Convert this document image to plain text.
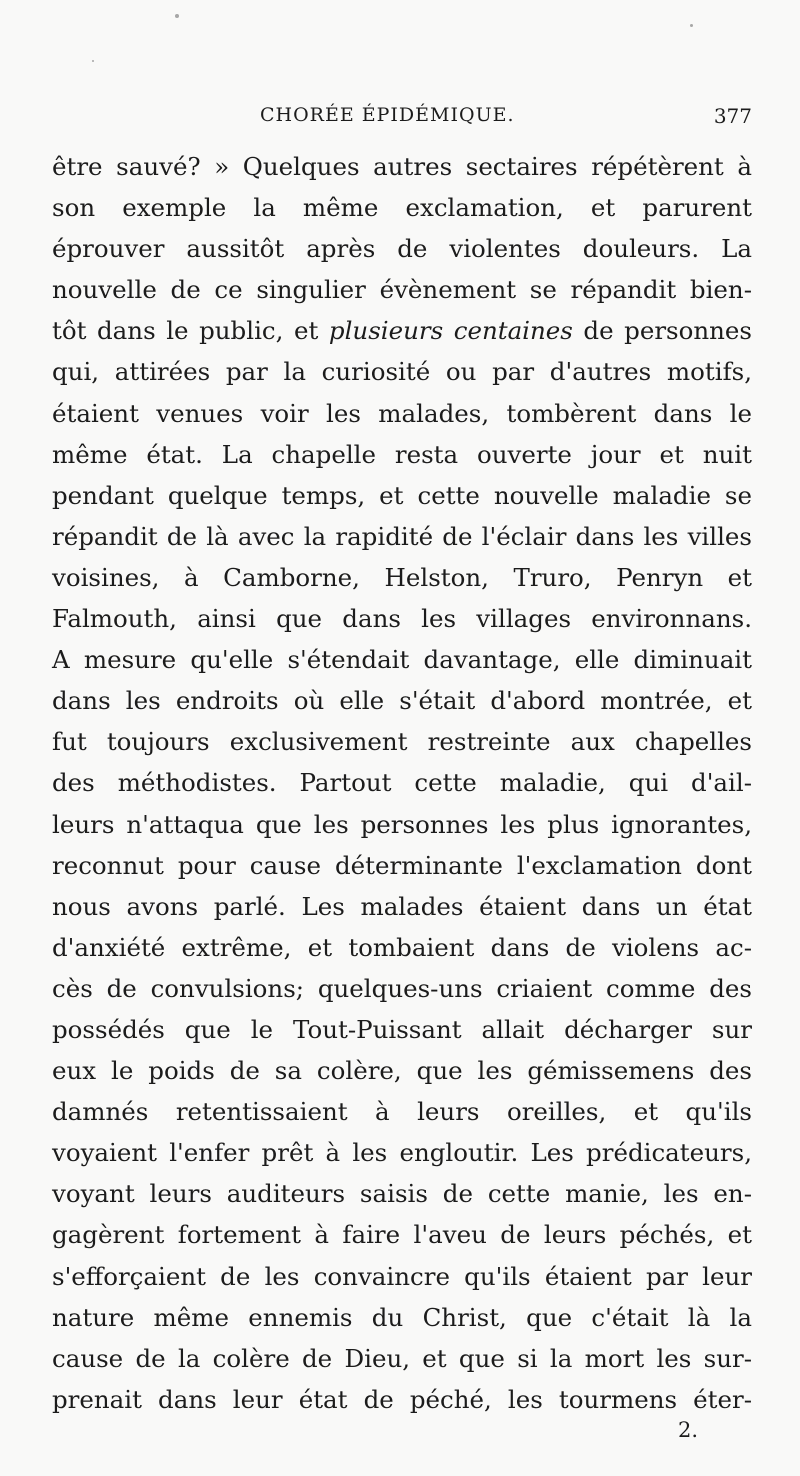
CHORÉE ÉPIDÉMIQUE.	377
être sauvé? » Quelques autres sectaires répétèrent à
son exemple la même exclamation, et parurent
éprouver aussitôt après de violentes douleurs. La
nouvelle de ce singulier évènement se répandit bien-
tôt dans le public, et plusieurs centaines de personnes
qui, attirées par la curiosité ou par d'autres motifs,
étaient venues voir les malades, tombèrent dans le
même état. La chapelle resta ouverte jour et nuit
pendant quelque temps, et cette nouvelle maladie se
répandit de là avec la rapidité de l'éclair dans les villes
voisines, à Camborne, Helston, Truro, Penryn et
Falmouth, ainsi que dans les villages environnans.
A mesure qu'elle s'étendait davantage, elle diminuait
dans les endroits où elle s'était d'abord montrée, et
fut toujours exclusivement restreinte aux chapelles
des méthodistes. Partout cette maladie, qui d'ail-
leurs n'attaqua que les personnes les plus ignorantes,
reconnut pour cause déterminante l'exclamation dont
nous avons parlé. Les malades étaient dans un état
d'anxiété extrême, et tombaient dans de violens ac-
cès de convulsions; quelques-uns criaient comme des
possédés que le Tout-Puissant allait décharger sur
eux le poids de sa colère, que les gémissemens des
damnés retentissaient à leurs oreilles, et qu'ils
voyaient l'enfer prêt à les engloutir. Les prédicateurs,
voyant leurs auditeurs saisis de cette manie, les en-
gagèrent fortement à faire l'aveu de leurs péchés, et
s'efforçaient de les convaincre qu'ils étaient par leur
nature même ennemis du Christ, que c'était là la
cause de la colère de Dieu, et que si la mort les sur-
prenait dans leur état de péché, les tourmens éter-
2.
